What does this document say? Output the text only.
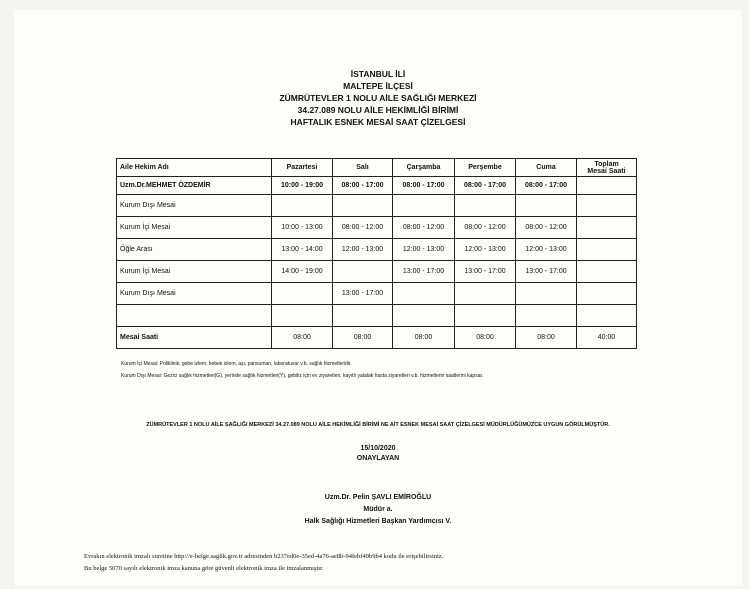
İSTANBUL İLİ
MALTEPE İLÇESİ
ZÜMRÜTEVLER 1 NOLU AİLE SAĞLIĞI MERKEZİ
34.27.089 NOLU AİLE HEKİMLİĞİ BİRİMİ
HAFTALIK ESNEK MESAİ SAAT ÇİZELGESİ
Aile Hekim Adı	Pazartesi	Salı	Çarşamba	Perşembe	Cuma	Toplam
Mesai Saati
Uzm.Dr.MEHMET ÖZDEMİR	10:00 - 19:00	08:00 - 17:00	08:00 - 17:00	08:00 - 17:00	08:00 - 17:00	
Kurum Dışı Mesai						
Kurum İçi Mesai	10:00 - 13:00	08:00 - 12:00	08:00 - 12:00	08:00 - 12:00	08:00 - 12:00	
Öğle Arası	13:00 - 14:00	12:00 - 13:00	12:00 - 13:00	12:00 - 13:00	12:00 - 13:00	
Kurum İçi Mesai	14:00 - 19:00		13:00 - 17:00	13:00 - 17:00	13:00 - 17:00	
Kurum Dışı Mesai		13:00 - 17:00				

Mesai Saati	08:00	08:00	08:00	08:00	08:00	40:00
Kurum İçi Mesai: Poliklinik, gebe izlem, bebek izlem, aşı, pansuman, laboratuvar v.b. sağlık hizmetleridir.
Kurum Dışı Mesai: Gezici sağlık hizmetleri(G), yerinde sağlık hizmetleri(Y), gebiliz için ev ziyaretleri, kayıtlı yatalak hasta ziyaretleri v.b. hizmetlerin saatlerini kapsar.
ZÜMRÜTEVLER 1 NOLU AİLE SAĞLIĞI MERKEZİ 34.27.089 NOLU AİLE HEKİMLİĞİ BİRİMİ NE AİT ESNEK MESAİ SAAT ÇİZELGESİ MÜDÜRLÜĞÜMÜZCE UYGUN GÖRÜLMÜŞTÜR.
15/10/2020
ONAYLAYAN
Uzm.Dr. Pelin ŞAVLI EMİROĞLU
Müdür a.
Halk Sağlığı Hizmetleri Başkan Yardımcısı V.
Evrakın elektronik imzalı suretine http://e-belge.saglik.gov.tr adresinden b237ed0e-35ed-4a76-ae8b-94febf49b9b4 kodu ile erişebilirsiniz.
Bu belge 5070 sayılı elektronik imza kanuna göre güvenli elektronik imza ile imzalanmıştır.
